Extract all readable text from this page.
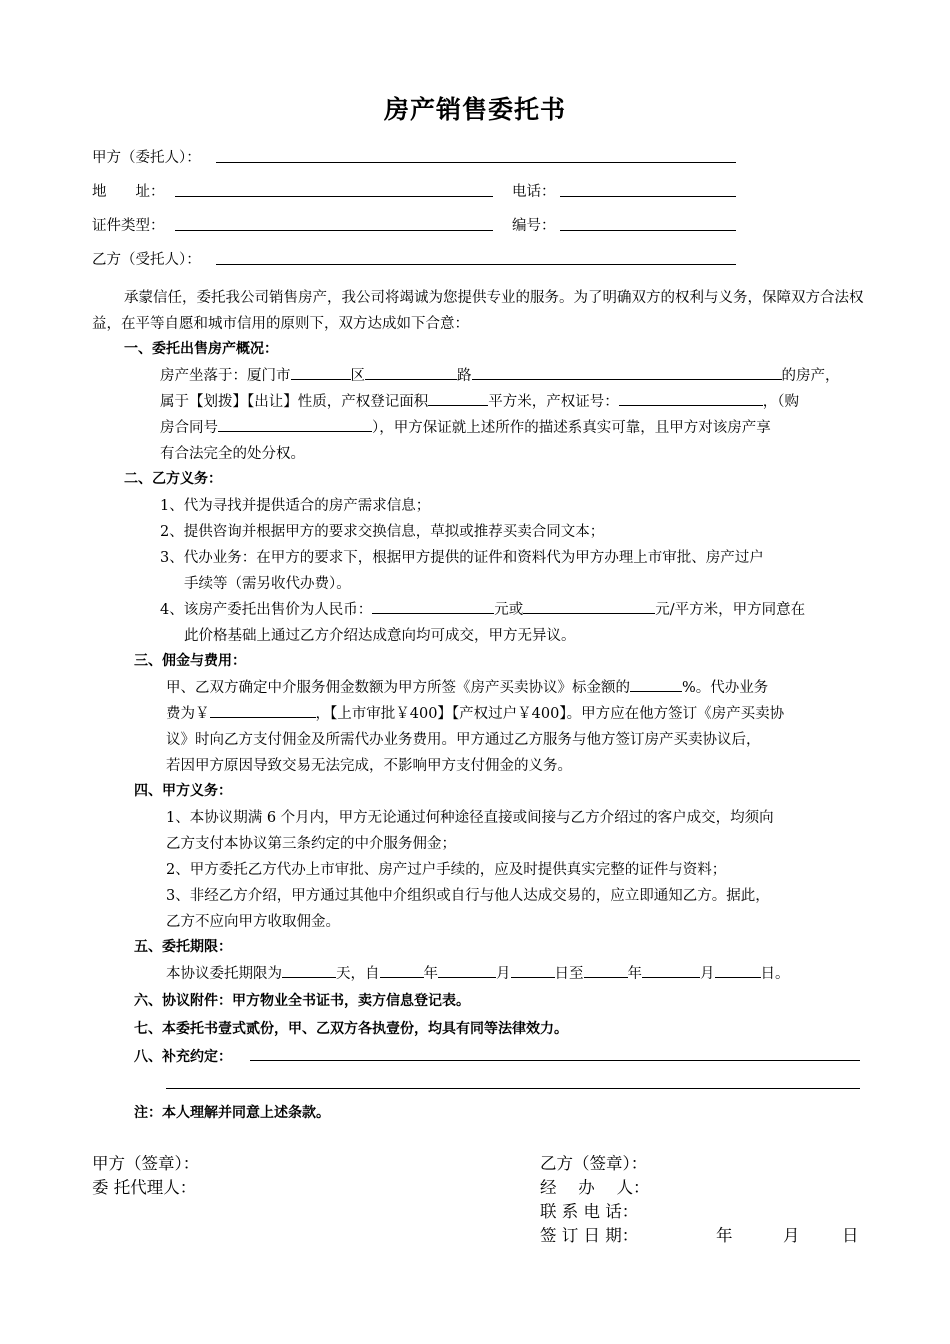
房产销售委托书
甲方（委托人）：
地　　址：	电话：
证件类型：	编号：
乙方（受托人）：
承蒙信任，委托我公司销售房产，我公司将竭诚为您提供专业的服务。为了明确双方的权利与义务，保障双方合法权益，在平等自愿和城市信用的原则下，双方达成如下合意：
一、委托出售房产概况：
房产坐落于：厦门市	区	路	的房产，
属于【划拨】【出让】性质，产权登记面积	平方米，产权证号：	，（购
房合同号	），甲方保证就上述所作的描述系真实可靠，且甲方对该房产享
有合法完全的处分权。
二、乙方义务：
1、代为寻找并提供适合的房产需求信息；
2、提供咨询并根据甲方的要求交换信息，草拟或推荐买卖合同文本；
3、代办业务：在甲方的要求下，根据甲方提供的证件和资料代为甲方办理上市审批、房产过户
手续等（需另收代办费）。
4、该房产委托出售价为人民币：	元或	元/平方米，甲方同意在
此价格基础上通过乙方介绍达成意向均可成交，甲方无异议。
三、佣金与费用：
甲、乙双方确定中介服务佣金数额为甲方所签《房产买卖协议》标金额的	%。代办业务
费为￥	，【上市审批￥400】【产权过户￥400】。甲方应在他方签订《房产买卖协
议》时向乙方支付佣金及所需代办业务费用。甲方通过乙方服务与他方签订房产买卖协议后，
若因甲方原因导致交易无法完成，不影响甲方支付佣金的义务。
四、甲方义务：
1、本协议期满 6 个月内，甲方无论通过何种途径直接或间接与乙方介绍过的客户成交，均须向
乙方支付本协议第三条约定的中介服务佣金；
2、甲方委托乙方代办上市审批、房产过户手续的，应及时提供真实完整的证件与资料；
3、非经乙方介绍，甲方通过其他中介组织或自行与他人达成交易的，应立即通知乙方。据此，
乙方不应向甲方收取佣金。
五、委托期限：
本协议委托期限为	天，自	年	月	日至	年	月	日。
六、协议附件：甲方物业全书证书，卖方信息登记表。
七、本委托书壹式贰份，甲、乙双方各执壹份，均具有同等法律效力。
八、补充约定：
注：本人理解并同意上述条款。
甲方（签章）：
委 托代理人：
乙方（签章）：
经　 办　 人：
联 系 电 话：
签 订 日 期：	年	月	日
